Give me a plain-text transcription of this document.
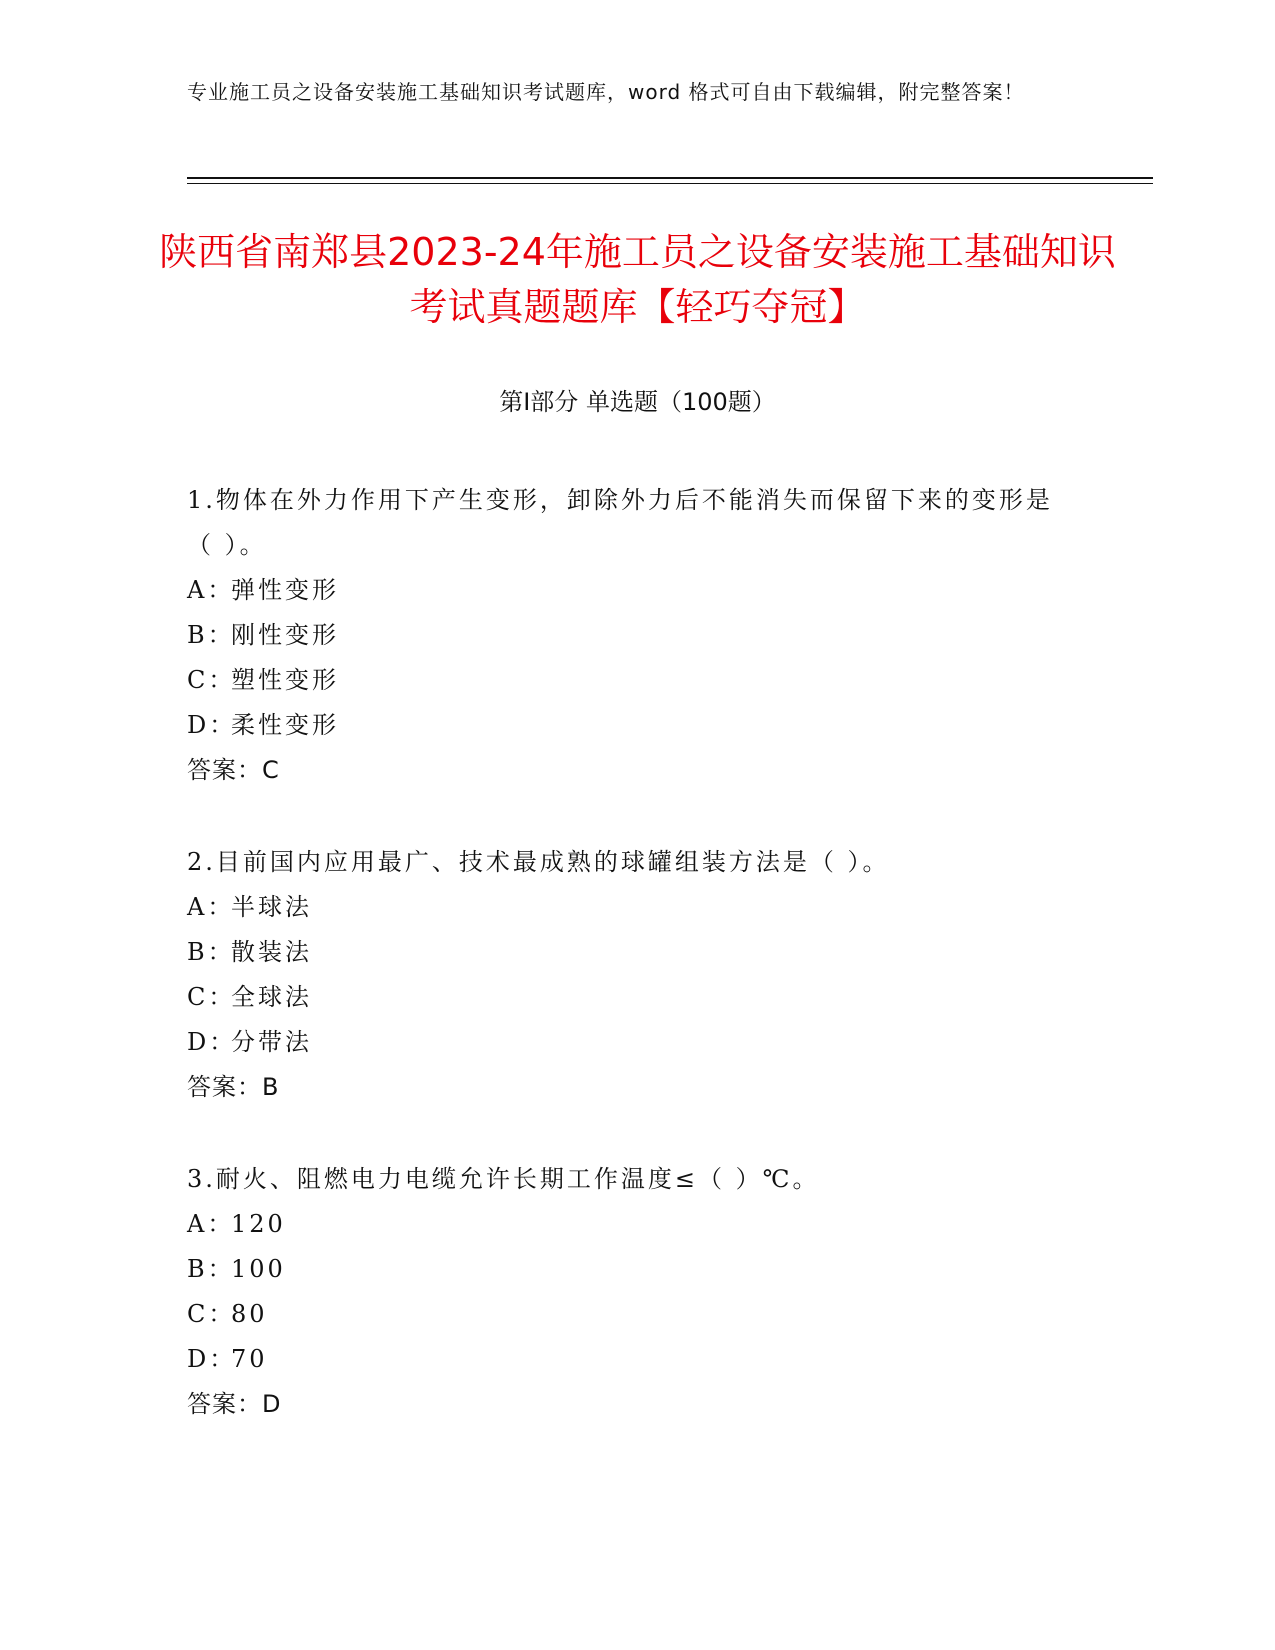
专业施工员之设备安装施工基础知识考试题库，word 格式可自由下载编辑，附完整答案！
陕西省南郑县2023-24年施工员之设备安装施工基础知识考试真题题库【轻巧夺冠】
第Ⅰ部分 单选题（100题）

1.物体在外力作用下产生变形，卸除外力后不能消失而保留下来的变形是（ ）。

A：
弹性变形
B：
刚性变形
C：
塑性变形
D：
柔性变形
答案：C

2.目前国内应用最广、技术最成熟的球罐组装方法是（ ）。

A：
半球法
B：
散装法
C：
全球法
D：
分带法
答案：B

3.耐火、阻燃电力电缆允许长期工作温度≤（ ）℃。

A：
120
B：
100
C：
80
D：
70
答案：D
